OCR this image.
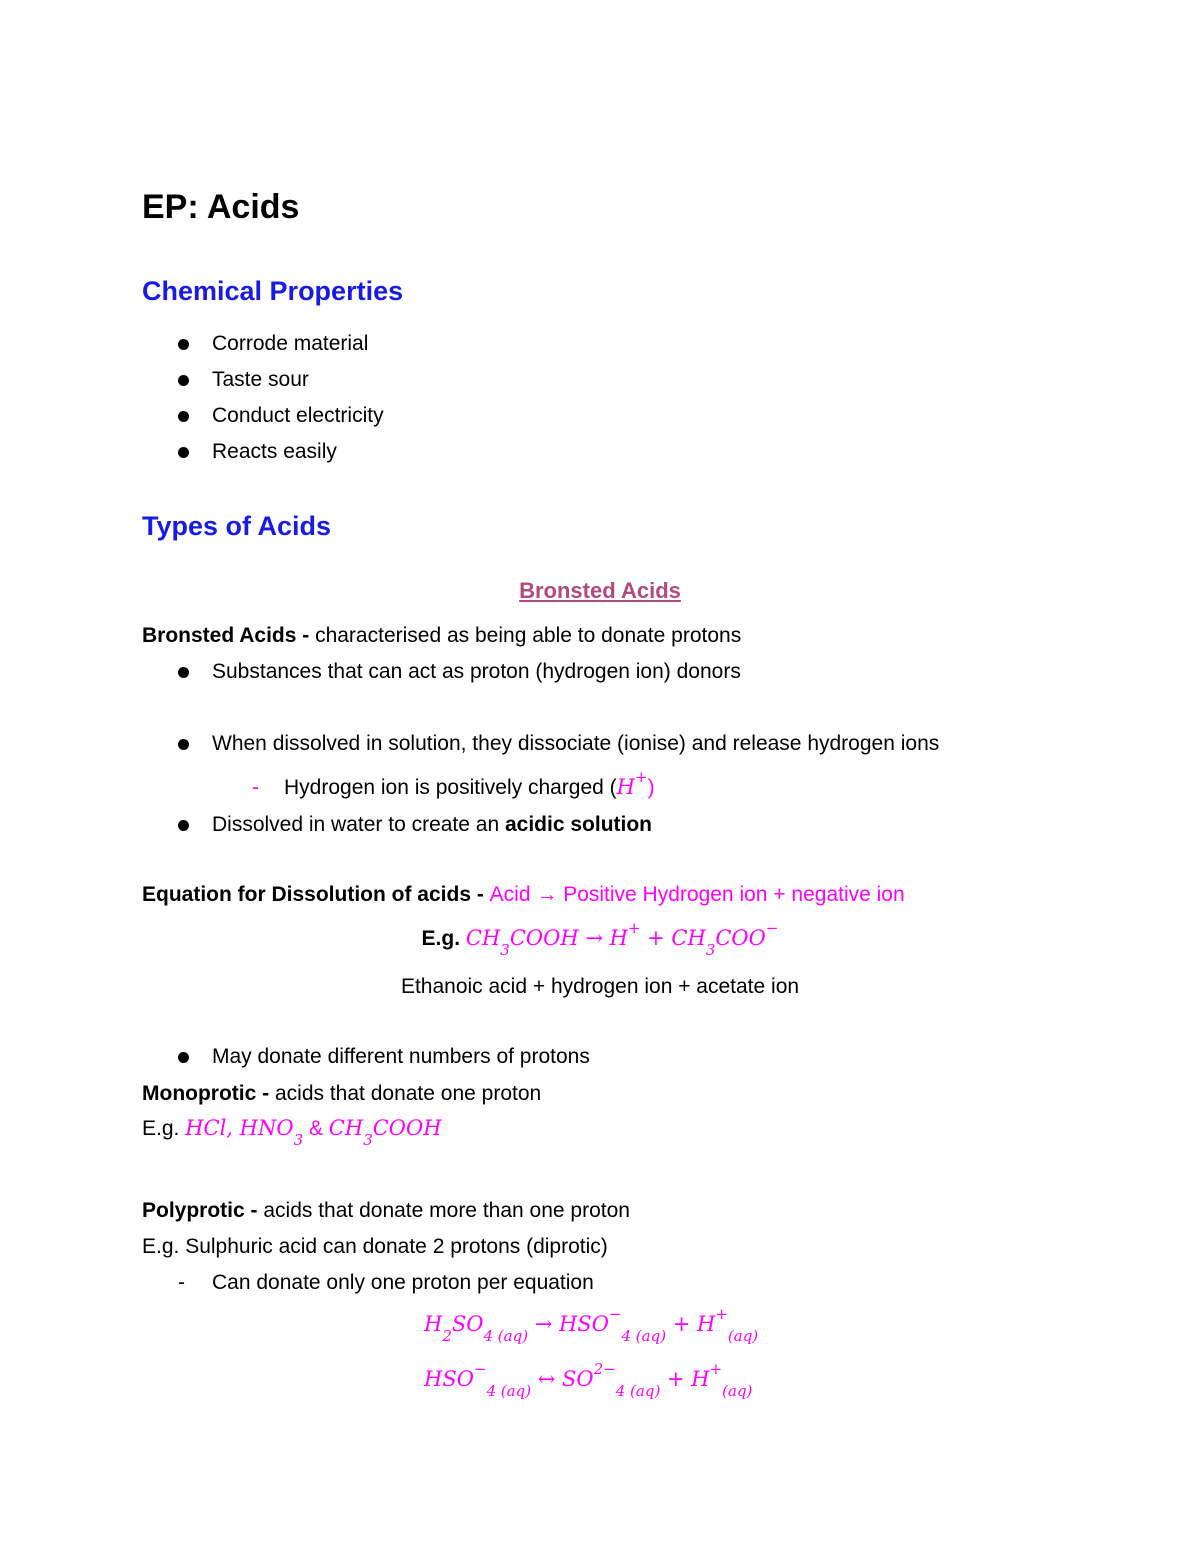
EP: Acids
Chemical Properties
Corrode material
Taste sour
Conduct electricity
Reacts easily
Types of Acids
Bronsted Acids
Bronsted Acids - characterised as being able to donate protons
Substances that can act as proton (hydrogen ion) donors
When dissolved in solution, they dissociate (ionise) and release hydrogen ions
- Hydrogen ion is positively charged (H+)
Dissolved in water to create an acidic solution
Equation for Dissolution of acids - Acid → Positive Hydrogen ion + negative ion
E.g. $CH_3COOH \to H^+ + CH_3COO^-$
Ethanoic acid + hydrogen ion + acetate ion
May donate different numbers of protons
Monoprotic - acids that donate one proton
E.g. HCl, $HNO_3$ & $CH_3COOH$
Polyprotic - acids that donate more than one proton
E.g. Sulphuric acid can donate 2 protons (diprotic)
- Can donate only one proton per equation
H2SO4 (aq) → HSO−4 (aq) + H+(aq)
HSO−4 (aq) ↔ SO2−4 (aq) + H+(aq)
